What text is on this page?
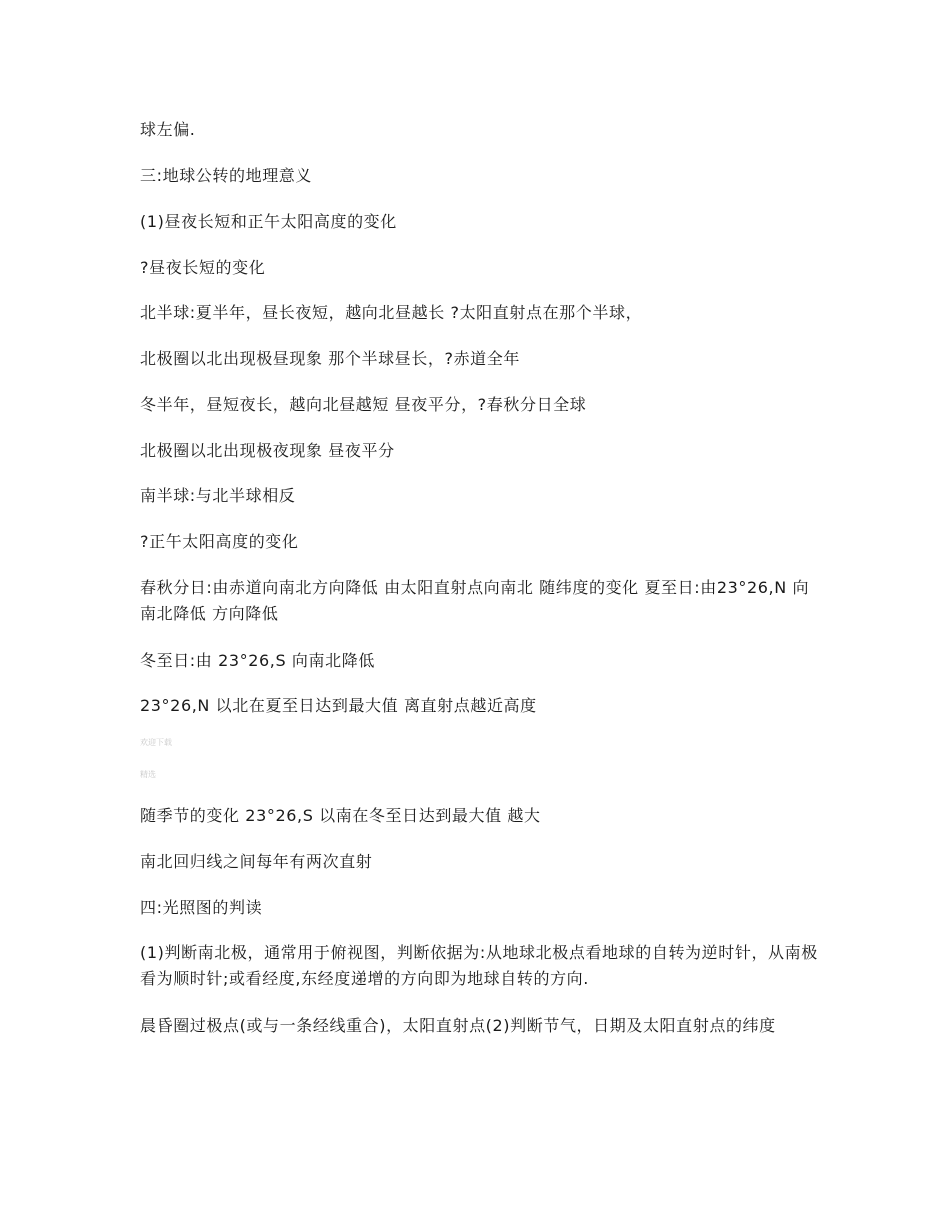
球左偏.
三:地球公转的地理意义
(1)昼夜长短和正午太阳高度的变化
?昼夜长短的变化
北半球:夏半年，昼长夜短，越向北昼越长 ?太阳直射点在那个半球，
北极圈以北出现极昼现象 那个半球昼长，?赤道全年
冬半年，昼短夜长，越向北昼越短 昼夜平分，?春秋分日全球
北极圈以北出现极夜现象 昼夜平分
南半球:与北半球相反
?正午太阳高度的变化
春秋分日:由赤道向南北方向降低 由太阳直射点向南北 随纬度的变化 夏至日:由23°26,N 向南北降低 方向降低
冬至日:由 23°26,S 向南北降低
23°26,N 以北在夏至日达到最大值 离直射点越近高度
欢迎下载
精选
随季节的变化 23°26,S 以南在冬至日达到最大值 越大
南北回归线之间每年有两次直射
四:光照图的判读
(1)判断南北极，通常用于俯视图，判断依据为:从地球北极点看地球的自转为逆时针，从南极看为顺时针;或看经度,东经度递增的方向即为地球自转的方向.
晨昏圈过极点(或与一条经线重合)，太阳直射点(2)判断节气，日期及太阳直射点的纬度
